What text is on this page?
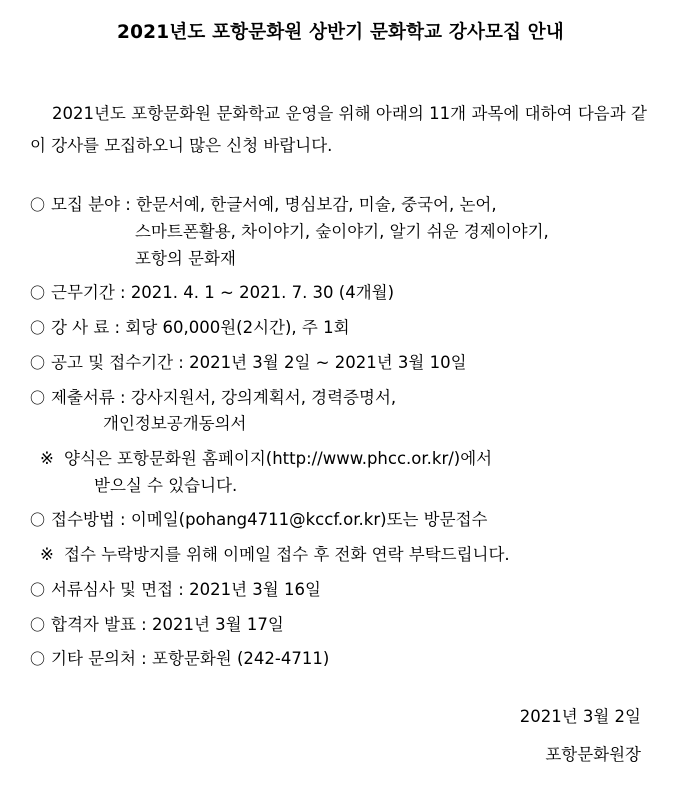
2021년도 포항문화원 상반기 문화학교 강사모집 안내

2021년도 포항문화원 문화학교 운영을 위해 아래의 11개 과목에 대하여 다음과 같이 강사를 모집하오니 많은 신청 바랍니다.

〇 모집 분야 : 한문서예, 한글서예, 명심보감, 미술, 중국어, 논어,
스마트폰활용, 차이야기, 숲이야기, 알기 쉬운 경제이야기,
포항의 문화재
〇 근무기간 : 2021. 4. 1 ~ 2021. 7. 30 (4개월)
〇 강 사 료 : 회당 60,000원(2시간), 주 1회
〇 공고 및 접수기간 : 2021년 3월 2일 ~ 2021년 3월 10일
〇 제출서류 : 강사지원서, 강의계획서, 경력증명서,
개인정보공개동의서
※ 양식은 포항문화원 홈페이지(http://www.phcc.or.kr/)에서
받으실 수 있습니다.
〇 접수방법 : 이메일(pohang4711@kccf.or.kr)또는 방문접수
※ 접수 누락방지를 위해 이메일 접수 후 전화 연락 부탁드립니다.
〇 서류심사 및 면접 : 2021년 3월 16일
〇 합격자 발표 : 2021년 3월 17일
〇 기타 문의처 : 포항문화원 (242-4711)
2021년 3월 2일
포항문화원장
